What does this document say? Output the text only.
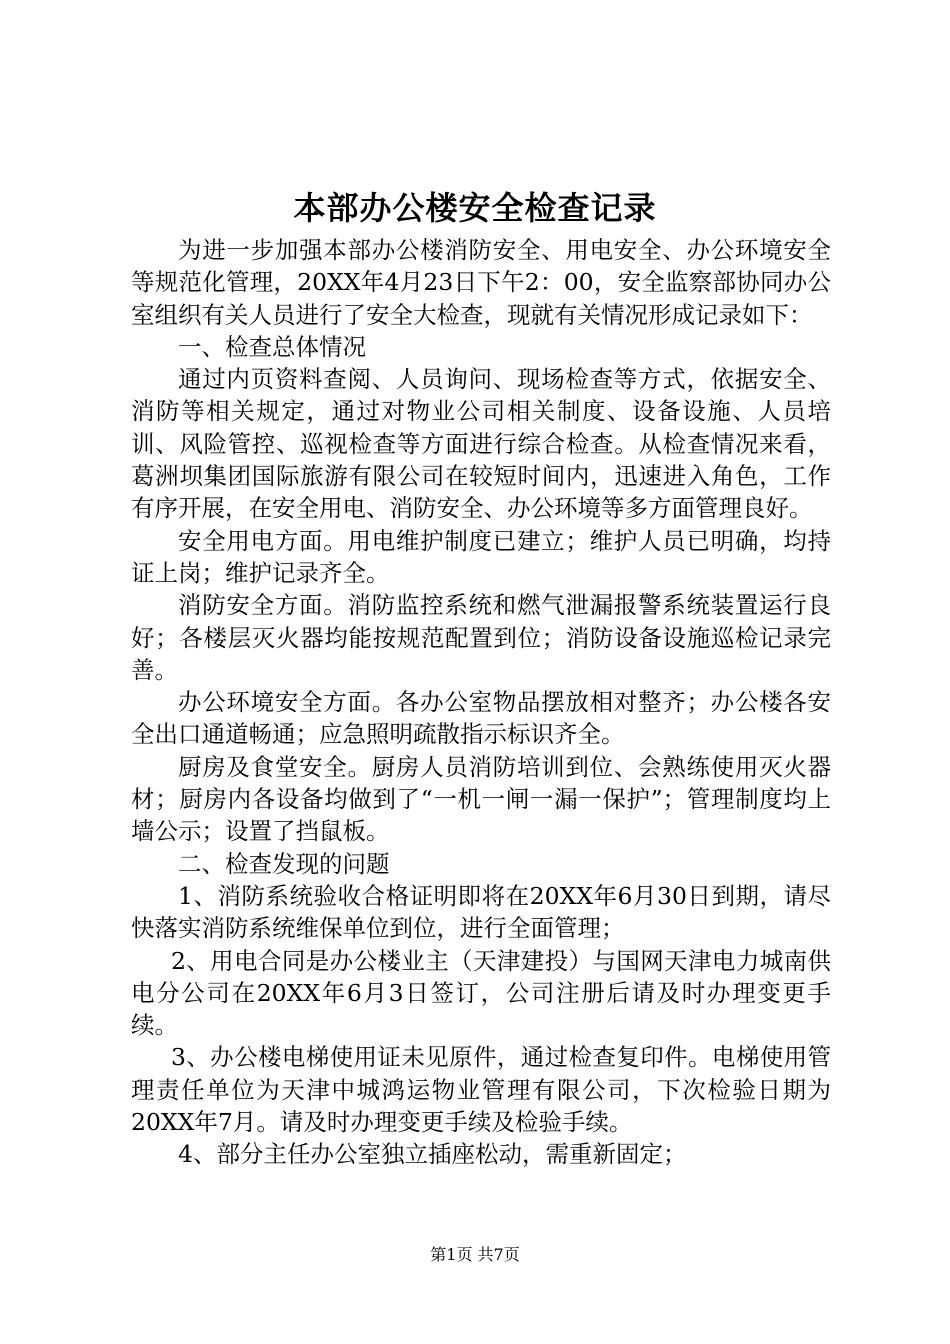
本部办公楼安全检查记录

为进一步加强本部办公楼消防安全、用电安全、办公环境安全等规范化管理，20XX年4月23日下午2：00，安全监察部协同办公室组织有关人员进行了安全大检查，现就有关情况形成记录如下：

一、检查总体情况

通过内页资料查阅、人员询问、现场检查等方式，依据安全、消防等相关规定，通过对物业公司相关制度、设备设施、人员培训、风险管控、巡视检查等方面进行综合检查。从检查情况来看，葛洲坝集团国际旅游有限公司在较短时间内，迅速进入角色，工作有序开展，在安全用电、消防安全、办公环境等多方面管理良好。

安全用电方面。用电维护制度已建立；维护人员已明确，均持证上岗；维护记录齐全。

消防安全方面。消防监控系统和燃气泄漏报警系统装置运行良好；各楼层灭火器均能按规范配置到位；消防设备设施巡检记录完善。

办公环境安全方面。各办公室物品摆放相对整齐；办公楼各安全出口通道畅通；应急照明疏散指示标识齐全。

厨房及食堂安全。厨房人员消防培训到位、会熟练使用灭火器材；厨房内各设备均做到了“一机一闸一漏一保护”；管理制度均上墙公示；设置了挡鼠板。

二、检查发现的问题

1、消防系统验收合格证明即将在20XX年6月30日到期，请尽快落实消防系统维保单位到位，进行全面管理；

2、用电合同是办公楼业主（天津建投）与国网天津电力城南供电分公司在20XX年6月3日签订，公司注册后请及时办理变更手续。

3、办公楼电梯使用证未见原件，通过检查复印件。电梯使用管理责任单位为天津中城鸿运物业管理有限公司，下次检验日期为20XX年7月。请及时办理变更手续及检验手续。

4、部分主任办公室独立插座松动，需重新固定；

第1页 共7页
